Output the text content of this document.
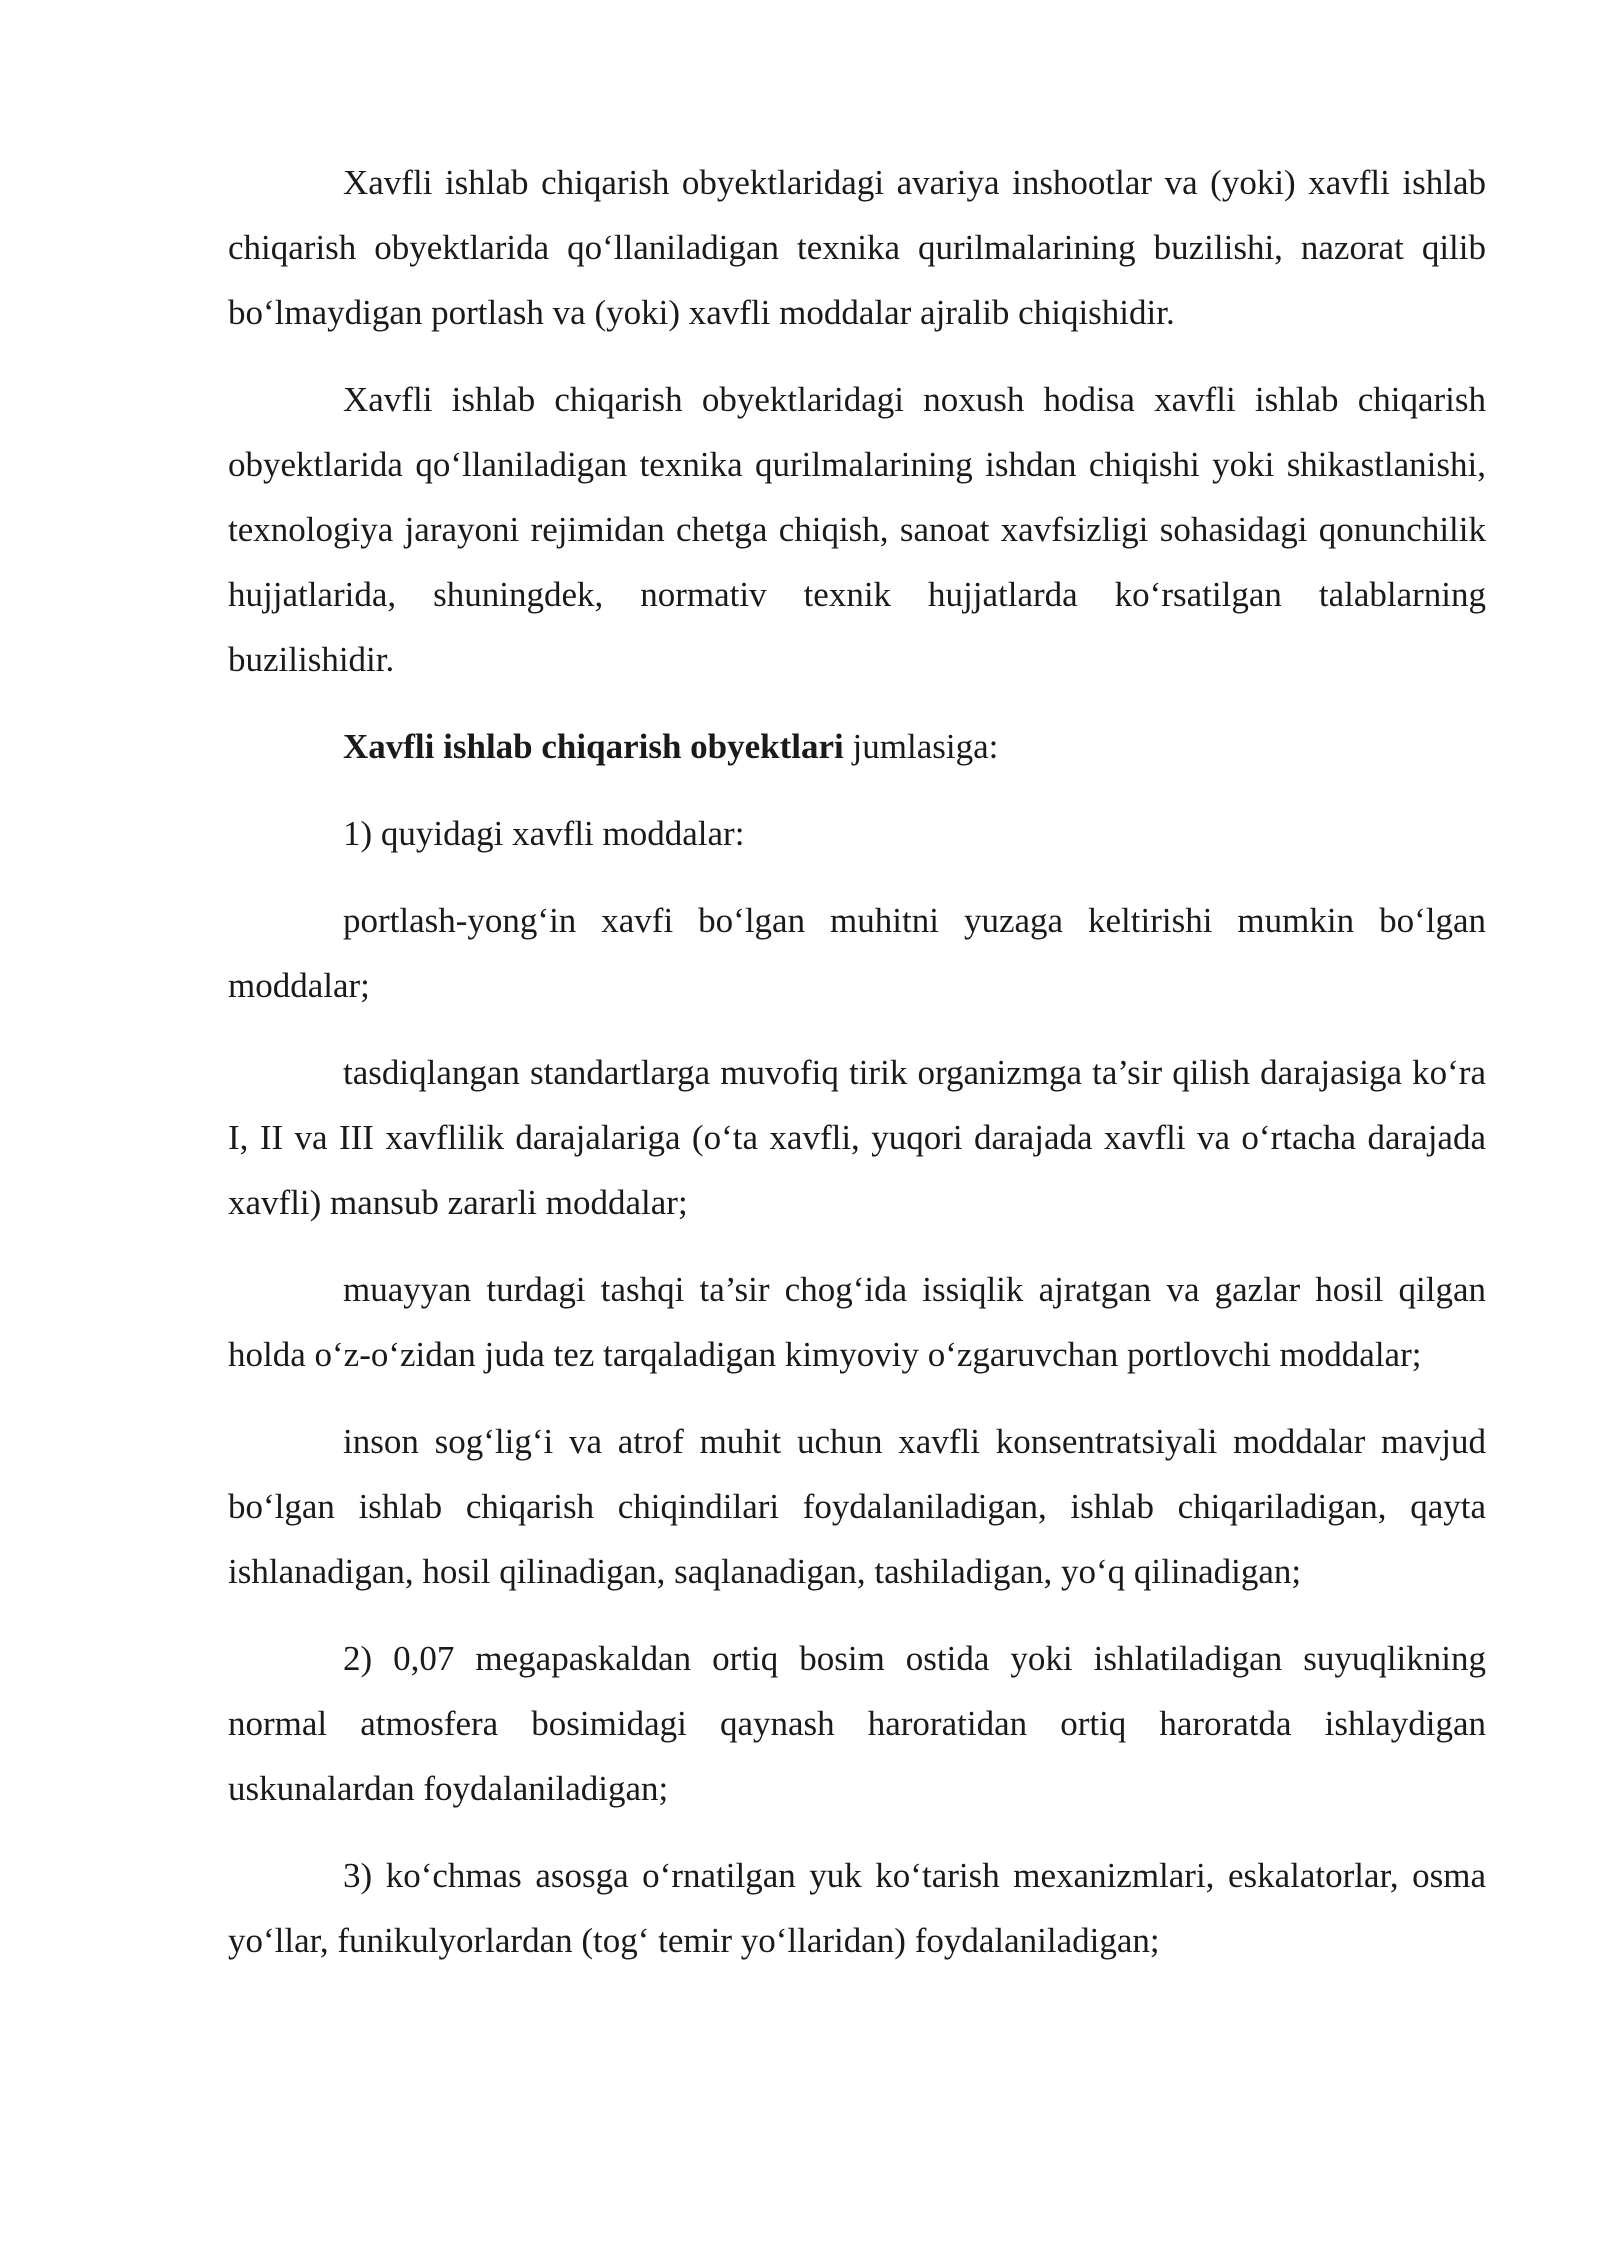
Xavfli ishlab chiqarish obyektlaridagi avariya inshootlar va (yoki) xavfli ishlab chiqarish obyektlarida qo‘llaniladigan texnika qurilmalarining buzilishi, nazorat qilib bo‘lmaydigan portlash va (yoki) xavfli moddalar ajralib chiqishidir.

Xavfli ishlab chiqarish obyektlaridagi noxush hodisa xavfli ishlab chiqarish obyektlarida qo‘llaniladigan texnika qurilmalarining ishdan chiqishi yoki shikastlanishi, texnologiya jarayoni rejimidan chetga chiqish, sanoat xavfsizligi sohasidagi qonunchilik hujjatlarida, shuningdek, normativ texnik hujjatlarda ko‘rsatilgan talablarning buzilishidir.

Xavfli ishlab chiqarish obyektlari jumlasiga:

1) quyidagi xavfli moddalar:

portlash-yong‘in xavfi bo‘lgan muhitni yuzaga keltirishi mumkin bo‘lgan moddalar;

tasdiqlangan standartlarga muvofiq tirik organizmga ta’sir qilish darajasiga ko‘ra I, II va III xavflilik darajalariga (o‘ta xavfli, yuqori darajada xavfli va o‘rtacha darajada xavfli) mansub zararli moddalar;

muayyan turdagi tashqi ta’sir chog‘ida issiqlik ajratgan va gazlar hosil qilgan holda o‘z-o‘zidan juda tez tarqaladigan kimyoviy o‘zgaruvchan portlovchi moddalar;

inson sog‘lig‘i va atrof muhit uchun xavfli konsentratsiyali moddalar mavjud bo‘lgan ishlab chiqarish chiqindilari foydalaniladigan, ishlab chiqariladigan, qayta ishlanadigan, hosil qilinadigan, saqlanadigan, tashiladigan, yo‘q qilinadigan;

2) 0,07 megapaskaldan ortiq bosim ostida yoki ishlatiladigan suyuqlikning normal atmosfera bosimidagi qaynash haroratidan ortiq haroratda ishlaydigan uskunalardan foydalaniladigan;

3) ko‘chmas asosga o‘rnatilgan yuk ko‘tarish mexanizmlari, eskalatorlar, osma yo‘llar, funikulyorlardan (tog‘ temir yo‘llaridan) foydalaniladigan;
